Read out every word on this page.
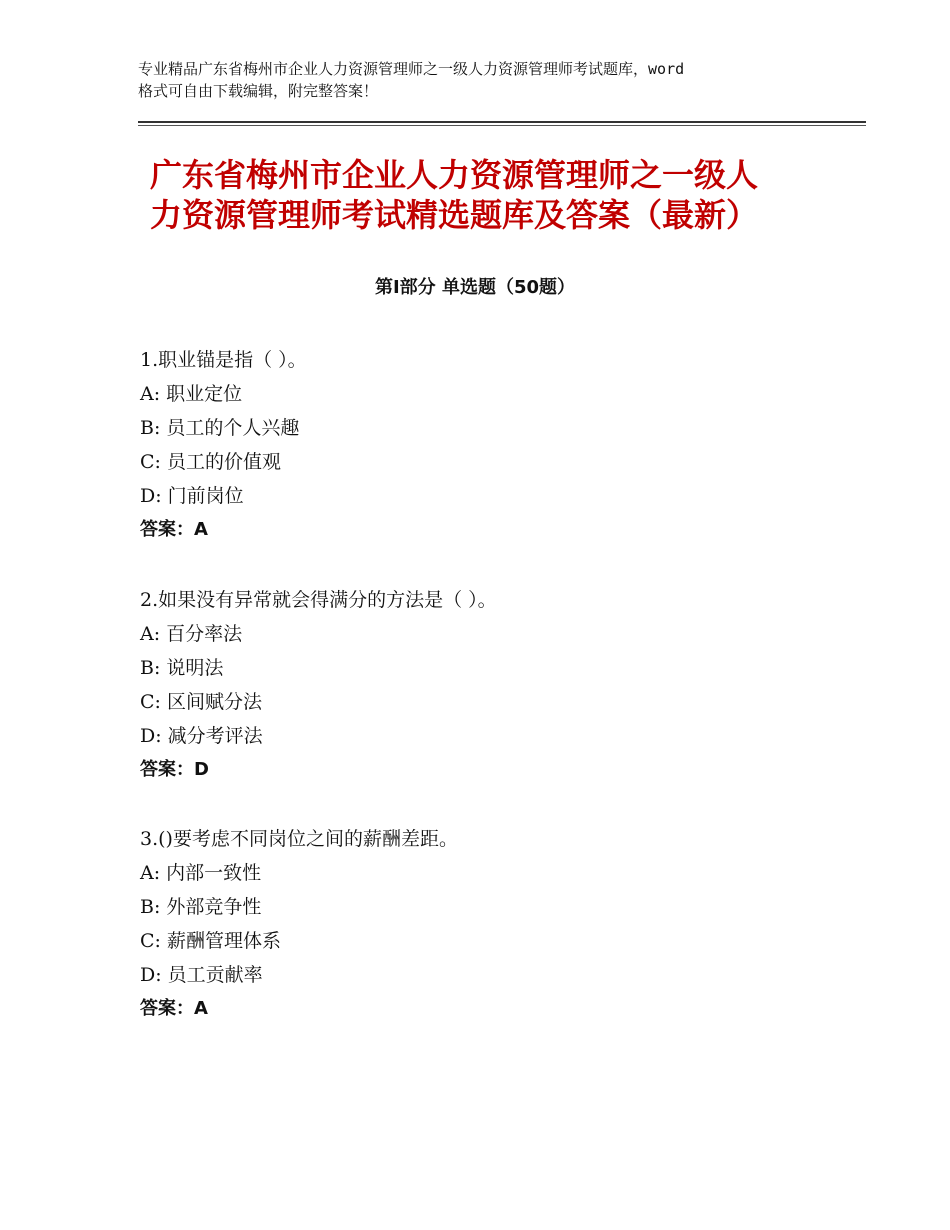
专业精品广东省梅州市企业人力资源管理师之一级人力资源管理师考试题库，word
格式可自由下载编辑，附完整答案！
广东省梅州市企业人力资源管理师之一级人
力资源管理师考试精选题库及答案（最新）
第Ⅰ部分 单选题（50题）
1.职业锚是指（ ）。
A: 职业定位
B: 员工的个人兴趣
C: 员工的价值观
D: 门前岗位
答案：A
2.如果没有异常就会得满分的方法是（ ）。
A: 百分率法
B: 说明法
C: 区间赋分法
D: 减分考评法
答案：D
3.()要考虑不同岗位之间的薪酬差距。
A: 内部一致性
B: 外部竞争性
C: 薪酬管理体系
D: 员工贡献率
答案：A
